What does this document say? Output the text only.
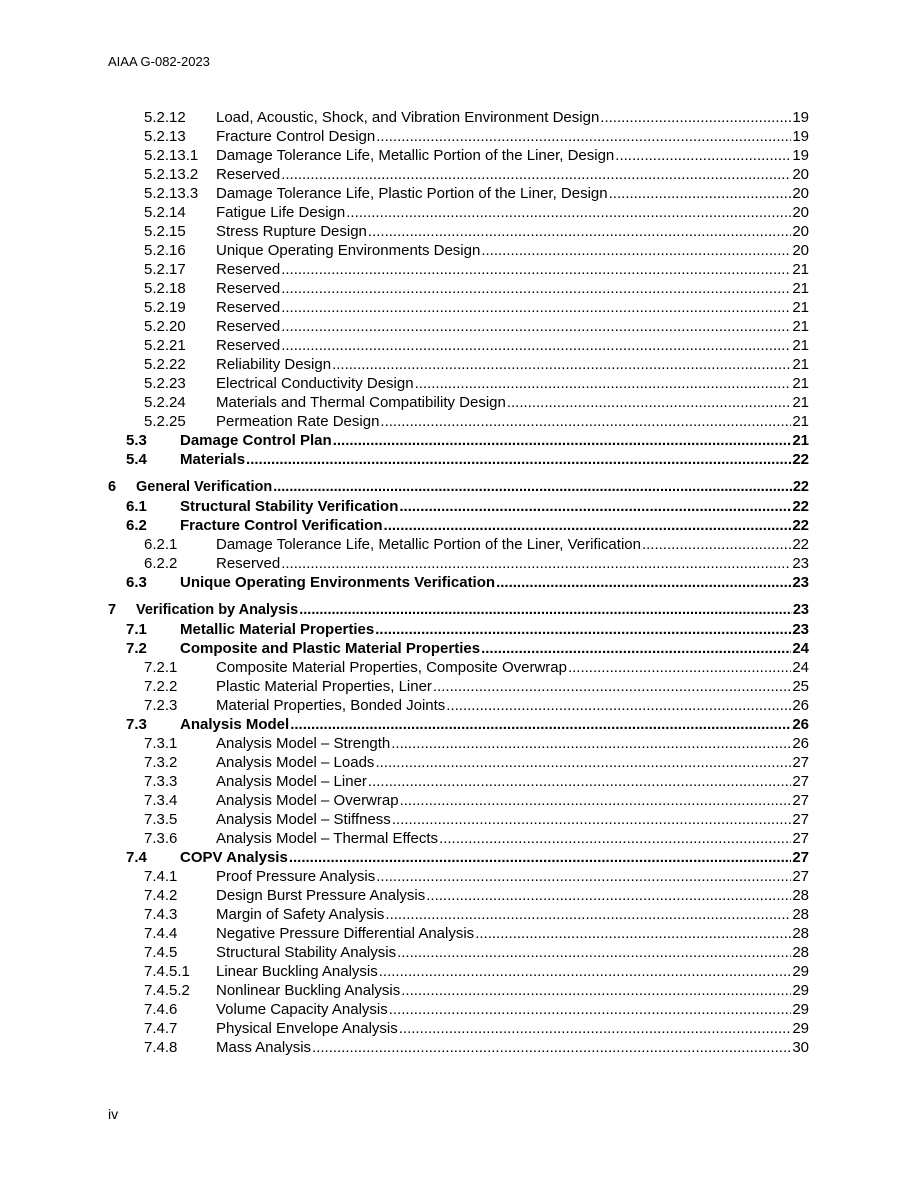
AIAA G-082-2023
5.2.12 Load, Acoustic, Shock, and Vibration Environment Design .....	19
5.2.13 Fracture Control Design .....	19
5.2.13.1 Damage Tolerance Life, Metallic Portion of the Liner, Design .....	19
5.2.13.2 Reserved .....	20
5.2.13.3 Damage Tolerance Life, Plastic Portion of the Liner, Design .....	20
5.2.14 Fatigue Life Design .....	20
5.2.15 Stress Rupture Design .....	20
5.2.16 Unique Operating Environments Design .....	20
5.2.17 Reserved .....	21
5.2.18 Reserved .....	21
5.2.19 Reserved .....	21
5.2.20 Reserved .....	21
5.2.21 Reserved .....	21
5.2.22 Reliability Design .....	21
5.2.23 Electrical Conductivity Design .....	21
5.2.24 Materials and Thermal Compatibility Design .....	21
5.2.25 Permeation Rate Design .....	21
5.3 Damage Control Plan .....	21
5.4 Materials .....	22
6 General Verification .....	22
6.1 Structural Stability Verification .....	22
6.2 Fracture Control Verification .....	22
6.2.1	Damage Tolerance Life, Metallic Portion of the Liner, Verification .....	22
6.2.2	Reserved .....	23
6.3 Unique Operating Environments Verification .....	23
7 Verification by Analysis .....	23
7.1 Metallic Material Properties .....	23
7.2 Composite and Plastic Material Properties .....	24
7.2.1	Composite Material Properties, Composite Overwrap .....	24
7.2.2	Plastic Material Properties, Liner .....	25
7.2.3	Material Properties, Bonded Joints .....	26
7.3 Analysis Model .....	26
7.3.1	Analysis Model – Strength .....	26
7.3.2	Analysis Model – Loads .....	27
7.3.3	Analysis Model – Liner .....	27
7.3.4	Analysis Model – Overwrap .....	27
7.3.5	Analysis Model – Stiffness .....	27
7.3.6	Analysis Model – Thermal Effects .....	27
7.4 COPV Analysis .....	27
7.4.1	Proof Pressure Analysis .....	27
7.4.2	Design Burst Pressure Analysis .....	28
7.4.3	Margin of Safety Analysis .....	28
7.4.4	Negative Pressure Differential Analysis .....	28
7.4.5	Structural Stability Analysis .....	28
7.4.5.1 Linear Buckling Analysis .....	29
7.4.5.2 Nonlinear Buckling Analysis .....	29
7.4.6	Volume Capacity Analysis .....	29
7.4.7	Physical Envelope Analysis .....	29
7.4.8	Mass Analysis .....	30
iv
